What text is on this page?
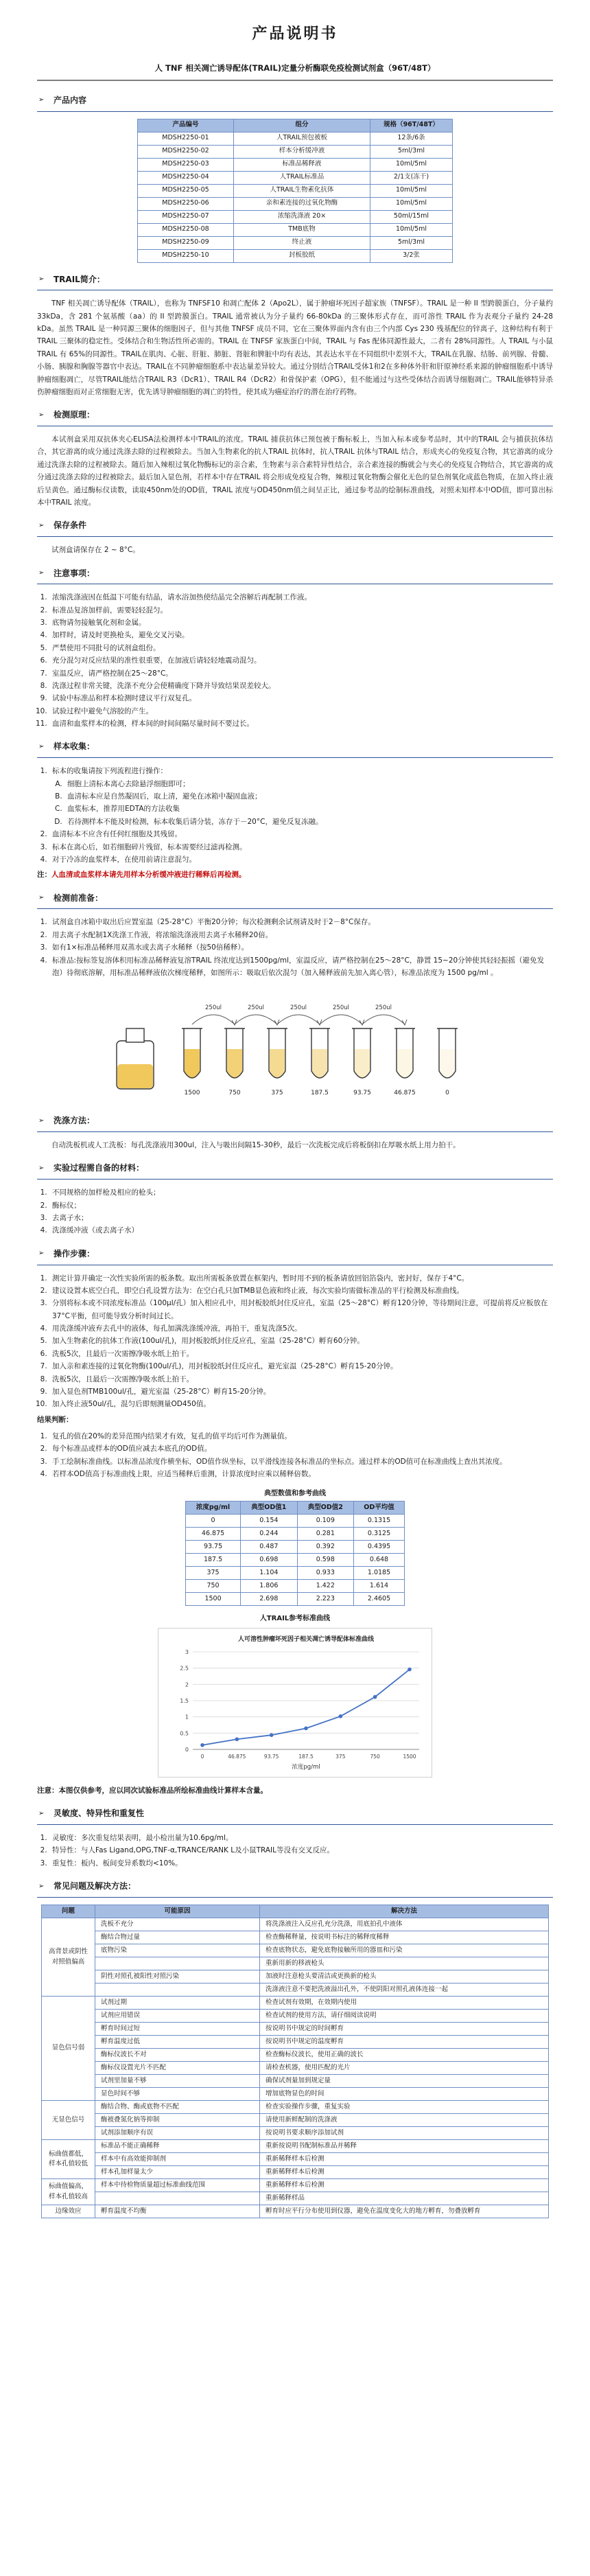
产品说明书
人 TNF 相关凋亡诱导配体(TRAIL)定量分析酶联免疫检测试剂盒（96T/48T）
➢	产品内容
产品编号	组分	规格（96T/48T）
MDSH2250-01	人TRAIL预包被板	12条/6条
MDSH2250-02	样本分析缓冲液	5ml/3ml
MDSH2250-03	标准品稀释液	10ml/5ml
MDSH2250-04	人TRAIL标准品	2/1支(冻干)
MDSH2250-05	人TRAIL生物素化抗体	10ml/5ml
MDSH2250-06	亲和素连接的过氧化物酶	10ml/5ml
MDSH2250-07	浓缩洗涤液 20×	50ml/15ml
MDSH2250-08	TMB底物	10ml/5ml
MDSH2250-09	终止液	5ml/3ml
MDSH2250-10	封板胶纸	3/2张
➢	TRAIL简介：

TNF 相关凋亡诱导配体（TRAIL），也称为 TNFSF10 和凋亡配体 2（Apo2L），属于肿瘤坏死因子超家族（TNFSF）。TRAIL 是一种 II 型跨膜蛋白，分子量约 33kDa，含 281 个氨基酸（aa）的 II 型跨膜蛋白。TRAIL 通常被认为分子量约 66-80kDa 的三聚体形式存在，而可溶性 TRAIL 作为表观分子量约 24-28 kDa。虽然 TRAIL 是一种同源三聚体的细胞因子，但与其他 TNFSF 成员不同，它在三聚体界面内含有由三个内部 Cys 230 残基配位的锌离子，这种结构有利于 TRAIL 三聚体的稳定性。受体结合和生物活性所必需的。TRAIL 在 TNFSF 家族蛋白中间，TRAIL 与 Fas 配体同源性最大，二者有 28%同源性。人 TRAIL 与小鼠 TRAIL 有 65%的同源性。TRAIL在肌肉、心脏、肝脏、肺脏、肾脏和脾脏中均有表达，其表达水平在不同组织中差别不大，TRAIL在乳腺、结肠、前列腺、骨髓、小肠、胰腺和胸腺等器官中表达。TRAIL在不同肿瘤细胞系中表达量差异较大。通过分别结合TRAIL受体1和2在多种体外肝和肝原神经系来源的肿瘤细胞系中诱导肿瘤细胞凋亡，尽管TRAIL能结合TRAIL R3（DcR1）、TRAIL R4（DcR2）和骨保护素（OPG），但不能通过与这些受体结合而诱导细胞凋亡。TRAIL能够特异杀伤肿瘤细胞而对正常细胞无害，优先诱导肿瘤细胞的凋亡的特性，使其成为癌症治疗的潜在治疗药物。

➢	检测原理：

本试剂盒采用双抗体夹心ELISA法检测样本中TRAIL的浓度。TRAIL 捕获抗体已预包被于酶标板上，当加入标本或参考品时，其中的TRAIL 会与捕获抗体结合，其它游离的成分通过洗涤去除的过程被除去。当加入生物素化的抗人TRAIL 抗体时，抗人TRAIL 抗体与TRAIL 结合，形成夹心的免疫复合物，其它游离的成分通过洗涤去除的过程被除去。随后加入辣根过氧化物酶标记的亲合素，生物素与亲合素特异性结合，亲合素连接的酶就会与夹心的免疫复合物结合，其它游离的成分通过洗涤去除的过程被除去。最后加入显色剂，若样本中存在TRAIL 将会形成免疫复合物，辣根过氧化物酶会催化无色的显色剂氧化成蓝色物质，在加入终止液后呈黄色。通过酶标仪读数，读取450nm处的OD值，TRAIL 浓度与OD450nm值之间呈正比，通过参考品的绘制标准曲线，对照未知样本中OD值，即可算出标本中TRAIL 浓度。

➢	保存条件

试剂盒请保存在 2 ~ 8°C。

➢	注意事项：
1. 浓缩洗涤液因在低温下可能有结晶，请水浴加热使结晶完全溶解后再配制工作液。
2. 标准品复溶加样前，需要轻轻混匀。
3. 底物请勿接触氧化剂和金属。
4. 加样时，请及时更换枪头，避免交叉污染。
5. 严禁使用不同批号的试剂盒组份。
6. 充分混匀对反应结果的准性很重要，在加液后请轻轻地震动混匀。
7. 室温反应，请严格控制在25～28°C。
8. 洗涤过程非常关键，洗涤不充分会使精确度下降并导致结果误差较大。
9. 试验中标准品和样本检测时建议平行双复孔。
10. 试验过程中避免气溶胶的产生。
11. 血清和血浆样本的检测，样本间的时间间隔尽量时间不要过长。
➢	样本收集：
1. 标本的收集请按下列流程进行操作：
A. 细胞上清标本离心去除悬浮细胞即可；
B. 血清标本应是自然凝固后，取上清，避免在冰箱中凝固血液；
C. 血浆标本，推荐用EDTA的方法收集
D. 若待测样本不能及时检测，标本收集后请分装，冻存于－20°C，避免反复冻融。
2. 血清标本不应含有任何红细胞及其残留。
3. 标本在离心后，如若细胞碎片残留，标本需要经过滤再检测。
4. 对于冷冻的血浆样本，在使用前请注意混匀。

注：人血清或血浆样本请先用样本分析缓冲液进行稀释后再检测。

➢	检测前准备：
1. 试剂盒自冰箱中取出后应置室温（25-28°C）平衡20分钟；每次检测剩余试剂请及时于2－8°C保存。
2. 用去离子水配制1X洗涤工作液，将浓缩洗涤液用去离子水稀释20倍。
3. 如有1×标准品稀释用双蒸水或去离子水稀释（按50倍稀释）。
4. 标准品:按标签复溶体积用标准品稀释液复溶TRAIL 终浓度达到1500pg/ml，室温反应，请严格控制在25～28°C，静置 15~20分钟使其轻轻振摇（避免发泡）待彻底溶解，用标准品稀释液依次梯度稀释，如图所示：吸取后依次混匀（加入稀释液前先加入离心管），标准品浓度为 1500 pg/ml 。
1500	750	375	187.5	93.75	46.875	0
250ul	250ul	250ul	250ul	250ul
➢	洗涤方法：

自动洗板机或人工洗板：每孔洗涤液用300ul，注入与吸出间隔15-30秒，最后一次洗板完成后将板倒扣在厚吸水纸上用力拍干。

➢	实验过程需自备的材料：
1. 不同规格的加样枪及相应的枪头；
2. 酶标仪；
3. 去离子水；
4. 洗涤缓冲液（或去离子水）
➢	操作步骤：
1. 测定计算并确定一次性实验所需的板条数。取出所需板条放置在框架内，暂时用不到的板条请放回铝箔袋内，密封好，保存于4°C。
2. 建议设置本底空白孔，即空白孔设置方法为：在空白孔只加TMB显色液和终止液，每次实验均需做标准品的平行检测及标准曲线。
3. 分别将标本或不同浓度标准品（100μl/孔）加入相应孔中，用封板胶纸封住反应孔，室温（25～28°C）孵育120分钟，等待期间注意，可提前将反应板放在37°C平衡，但可能导致分析时间过长。
4. 用洗涤缓冲液弃去孔中的液体，每孔加满洗涤缓冲液，再拍干，重复洗涤5次。
5. 加入生物素化的抗体工作液(100ul/孔)，用封板胶纸封住反应孔，室温（25-28°C）孵育60分钟。
6. 洗板5次，且最后一次需擦净吸水纸上拍干。
7. 加入亲和素连接的过氧化物酶(100ul/孔)，用封板胶纸封住反应孔，避光室温（25-28°C）孵育15-20分钟。
8. 洗板5次，且最后一次需擦净吸水纸上拍干。
9. 加入显色剂TMB100ul/孔，避光室温（25-28°C）孵育15-20分钟。
10. 加入终止液50ul/孔，混匀后即刻测量OD450值。

结果判断：

1. 复孔的值在20%的差异范围内结果才有效，复孔的值平均后可作为测量值。
2. 每个标准品或样本的OD值应减去本底孔的OD值。
3. 手工绘制标准曲线。以标准品浓度作横坐标，OD值作纵坐标，以平滑线连接各标准品的坐标点。通过样本的OD值可在标准曲线上查出其浓度。
4. 若样本OD值高于标准曲线上限，应适当稀释后重测，计算浓度时应乘以稀释倍数。
典型数值和参考曲线
浓度pg/ml	典型OD值1	典型OD值2	OD平均值
0	0.154	0.109	0.1315
46.875	0.244	0.281	0.3125
93.75	0.487	0.392	0.4395
187.5	0.698	0.598	0.648
375	1.104	0.933	1.0185
750	1.806	1.422	1.614
1500	2.698	2.223	2.4605
人TRAIL参考标准曲线
人可溶性肿瘤坏死因子相关凋亡诱导配体标准曲线
0
0.5
1
1.5
2
2.5
3
0	46.875	93.75	187.5	375	750	1500
浓度pg/ml

注意：本图仅供参考，应以同次试验标准品所绘标准曲线计算样本含量。

➢	灵敏度、特异性和重复性
1. 灵敏度：多次重复结果表明，最小检出量为10.6pg/ml。
2. 特异性：与人Fas Ligand,OPG,TNF-α,TRANCE/RANK L及小鼠TRAIL等没有交叉反应。
3. 重复性：板内、板间变异系数均<10%。
➢	常见问题及解决方法：
问题	可能原因	解决方法
高背景或阴性对照值偏高	洗板不充分	将洗涤液注入反应孔充分洗涤，用底拍孔中液体
	酶结合物过量	检查酶稀释量，按说明书标注的稀释度稀释
	底物污染	检查底物状态，避免底物接触所用的器皿和污染
		重新用新的移液枪头
	阴性对照孔被阳性对照污染	加液时注意枪头要清洁或更换新的枪头
		洗涤液注意不要把洗液溢出孔外，不使阴阳对照孔液体连接一起
显色信号弱	试剂过期	检查试剂有效期，在效期内使用
	试剂应用错误	检查试剂的使用方法，请仔细阅读说明
	孵育时间过短	按说明书中规定的时间孵育
	孵育温度过低	按说明书中规定的温度孵育
	酶标仪波长不对	检查酶标仪波长，使用正确的波长
	酶标仪设置光片不匹配	请检查机器，使用匹配的光片
	试剂里加量不够	确保试剂量加到规定量
	显色时间不够	增加底物显色的时间
无显色信号	酶结合物、酶或底物不匹配	检查实验操作步骤，重复实验
	酶被叠氮化钠等抑制	请使用新鲜配制的洗涤液
	试剂添加顺序有误	按说明书要求顺序添加试剂
标曲值都低，样本孔值较低	标准品不能正确稀释	重新按说明书配制标准品并稀释
	样本中有高效能抑制剂	重新稀释样本后检测
	样本孔加样量太少	重新稀释样本后检测
标曲值偏高，样本孔值较高	样本中待检物质量超过标准曲线范围	重新稀释样本后检测
		重新稀释样品
边缘效应	孵育温度不均衡	孵育时应平行分布使用到仪器，避免在温度变化大的地方孵育，勿叠放孵育
